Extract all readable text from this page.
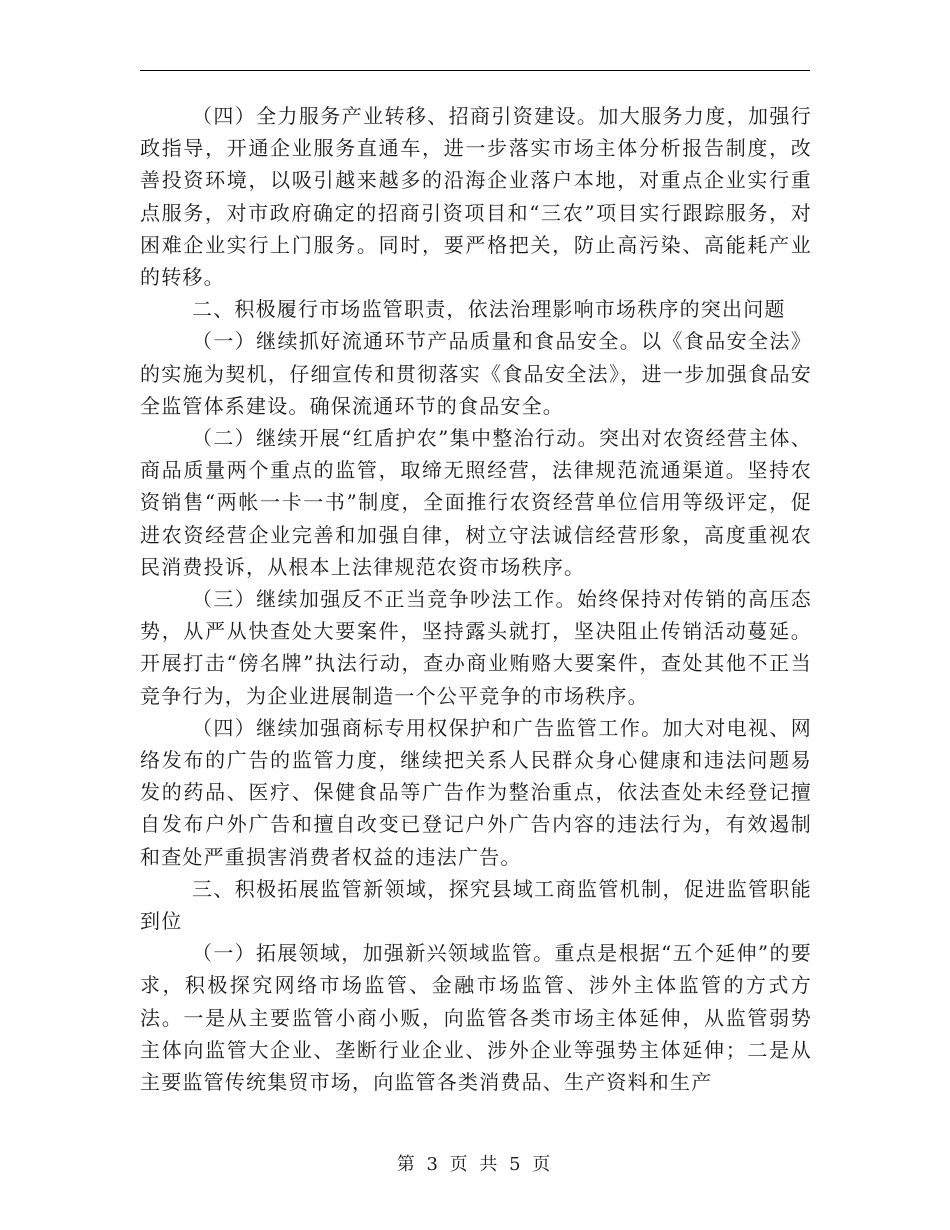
（四）全力服务产业转移、招商引资建设。加大服务力度，加强行政指导，开通企业服务直通车，进一步落实市场主体分析报告制度，改善投资环境，以吸引越来越多的沿海企业落户本地，对重点企业实行重点服务，对市政府确定的招商引资项目和“三农”项目实行跟踪服务，对困难企业实行上门服务。同时，要严格把关，防止高污染、高能耗产业的转移。

二、积极履行市场监管职责，依法治理影响市场秩序的突出问题

（一）继续抓好流通环节产品质量和食品安全。以《食品安全法》的实施为契机，仔细宣传和贯彻落实《食品安全法》，进一步加强食品安全监管体系建设。确保流通环节的食品安全。

（二）继续开展“红盾护农”集中整治行动。突出对农资经营主体、商品质量两个重点的监管，取缔无照经营，法律规范流通渠道。坚持农资销售“两帐一卡一书”制度，全面推行农资经营单位信用等级评定，促进农资经营企业完善和加强自律，树立守法诚信经营形象，高度重视农民消费投诉，从根本上法律规范农资市场秩序。

（三）继续加强反不正当竞争吵法工作。始终保持对传销的高压态势，从严从快查处大要案件，坚持露头就打，坚决阻止传销活动蔓延。开展打击“傍名牌”执法行动，查办商业贿赂大要案件，查处其他不正当竞争行为，为企业进展制造一个公平竞争的市场秩序。

（四）继续加强商标专用权保护和广告监管工作。加大对电视、网络发布的广告的监管力度，继续把关系人民群众身心健康和违法问题易发的药品、医疗、保健食品等广告作为整治重点，依法查处未经登记擅自发布户外广告和擅自改变已登记户外广告内容的违法行为，有效遏制和查处严重损害消费者权益的违法广告。

三、积极拓展监管新领域，探究县域工商监管机制，促进监管职能到位

（一）拓展领域，加强新兴领域监管。重点是根据“五个延伸”的要求，积极探究网络市场监管、金融市场监管、涉外主体监管的方式方法。一是从主要监管小商小贩，向监管各类市场主体延伸，从监管弱势主体向监管大企业、垄断行业企业、涉外企业等强势主体延伸；二是从主要监管传统集贸市场，向监管各类消费品、生产资料和生产

第 3 页 共 5 页
